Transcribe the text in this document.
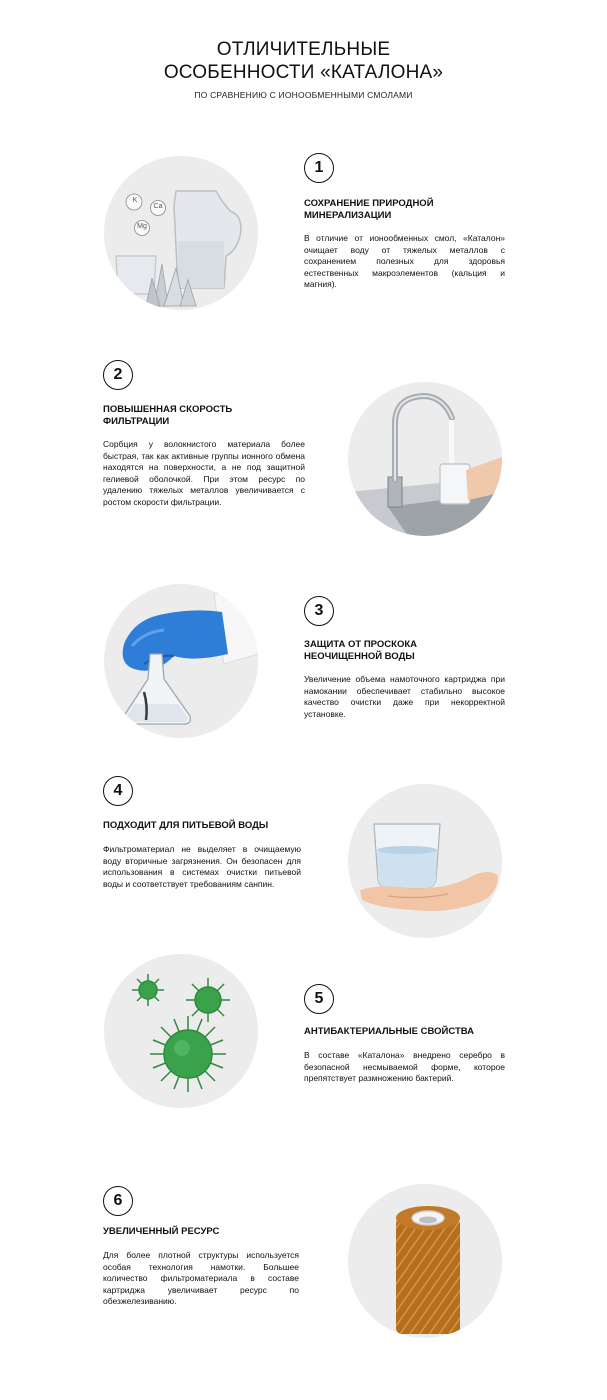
ОТЛИЧИТЕЛЬНЫЕ
ОСОБЕННОСТИ «КАТАЛОНА»
ПО СРАВНЕНИЮ С ИОНООБМЕННЫМИ СМОЛАМИ
K
Ca
Mg
1
СОХРАНЕНИЕ ПРИРОДНОЙ МИНЕРАЛИЗАЦИИ
В отличие от ионообменных смол, «Каталон» очищает воду от тяжелых металлов с сохранением полезных для здоровья естественных макроэлементов (кальция и магния).
2
ПОВЫШЕННАЯ СКОРОСТЬ ФИЛЬТРАЦИИ
Сорбция у волокнистого материала более быстрая, так как активные группы ионного обмена находятся на поверхности, а не под защитной гелиевой оболочкой. При этом ресурс по удалению тяжелых металлов увеличивается с ростом скорости фильтрации.
3
ЗАЩИТА ОТ ПРОСКОКА НЕОЧИЩЕННОЙ ВОДЫ
Увеличение объема намоточного картриджа при намокании обеспечивает стабильно высокое качество очистки даже при некорректной установке.
4
ПОДХОДИТ ДЛЯ ПИТЬЕВОЙ ВОДЫ
Фильтроматериал не выделяет в очищаемую воду вторичные загрязнения. Он безопасен для использования в системах очистки питьевой воды и соответствует требованиям санпин.
5
АНТИБАКТЕРИАЛЬНЫЕ СВОЙСТВА
В составе «Каталона» внедрено серебро в безопасной несмываемой форме, которое препятствует размножению бактерий.
6
УВЕЛИЧЕННЫЙ РЕСУРС
Для более плотной структуры используется особая технология намотки. Большее количество фильтроматериала в составе картриджа увеличивает ресурс по обезжелезиванию.
